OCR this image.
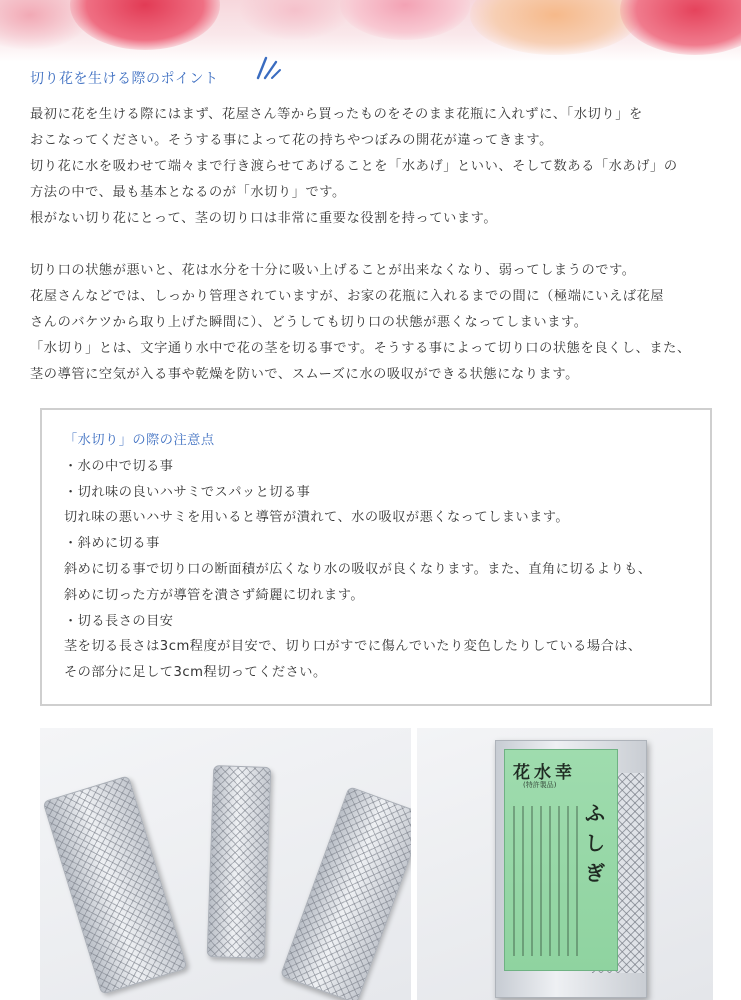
切り花を生ける際のポイント

最初に花を生ける際にはまず、花屋さん等から買ったものをそのまま花瓶に入れずに、「水切り」を

おこなってください。そうする事によって花の持ちやつぼみの開花が違ってきます。

切り花に水を吸わせて端々まで行き渡らせてあげることを「水あげ」といい、そして数ある「水あげ」の

方法の中で、最も基本となるのが「水切り」です。

根がない切り花にとって、茎の切り口は非常に重要な役割を持っています。

切り口の状態が悪いと、花は水分を十分に吸い上げることが出来なくなり、弱ってしまうのです。

花屋さんなどでは、しっかり管理されていますが、お家の花瓶に入れるまでの間に（極端にいえば花屋

さんのバケツから取り上げた瞬間に）、どうしても切り口の状態が悪くなってしまいます。

「水切り」とは、文字通り水中で花の茎を切る事です。そうする事によって切り口の状態を良くし、また、

茎の導管に空気が入る事や乾燥を防いで、スムーズに水の吸収ができる状態になります。

「水切り」の際の注意点

・水の中で切る事

・切れ味の良いハサミでスパッと切る事

切れ味の悪いハサミを用いると導管が潰れて、水の吸収が悪くなってしまいます。

・斜めに切る事

斜めに切る事で切り口の断面積が広くなり水の吸収が良くなります。また、直角に切るよりも、

斜めに切った方が導管を潰さず綺麗に切れます。

・切る長さの目安

茎を切る長さは3cm程度が目安で、切り口がすでに傷んでいたり変色したりしている場合は、

その部分に足して3cm程切ってください。

花水幸
(特許製品)
ふしぎ
